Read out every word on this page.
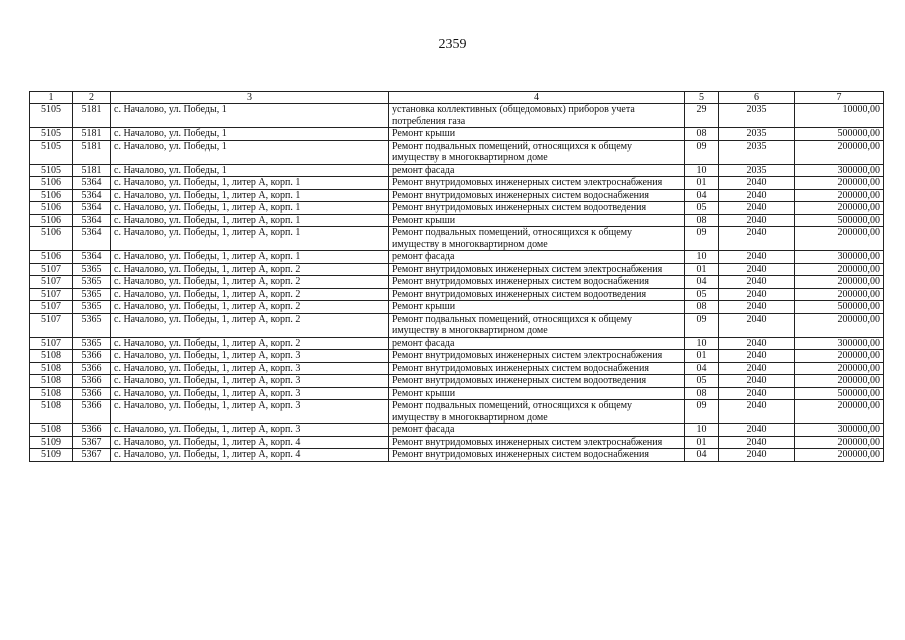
2359
1	2	3	4	5	6	7
5105	5181	с. Началово, ул. Победы, 1	установка коллективных (общедомовых) приборов учета потребления газа	29	2035	10000,00
5105	5181	с. Началово, ул. Победы, 1	Ремонт крыши	08	2035	500000,00
5105	5181	с. Началово, ул. Победы, 1	Ремонт подвальных помещений, относящихся к общему имуществу в многоквартирном доме	09	2035	200000,00
5105	5181	с. Началово, ул. Победы, 1	ремонт фасада	10	2035	300000,00
5106	5364	с. Началово, ул. Победы, 1, литер А, корп. 1	Ремонт внутридомовых инженерных систем электроснабжения	01	2040	200000,00
5106	5364	с. Началово, ул. Победы, 1, литер А, корп. 1	Ремонт внутридомовых инженерных систем водоснабжения	04	2040	200000,00
5106	5364	с. Началово, ул. Победы, 1, литер А, корп. 1	Ремонт внутридомовых инженерных систем водоотведения	05	2040	200000,00
5106	5364	с. Началово, ул. Победы, 1, литер А, корп. 1	Ремонт крыши	08	2040	500000,00
5106	5364	с. Началово, ул. Победы, 1, литер А, корп. 1	Ремонт подвальных помещений, относящихся к общему имуществу в многоквартирном доме	09	2040	200000,00
5106	5364	с. Началово, ул. Победы, 1, литер А, корп. 1	ремонт фасада	10	2040	300000,00
5107	5365	с. Началово, ул. Победы, 1, литер А, корп. 2	Ремонт внутридомовых инженерных систем электроснабжения	01	2040	200000,00
5107	5365	с. Началово, ул. Победы, 1, литер А, корп. 2	Ремонт внутридомовых инженерных систем водоснабжения	04	2040	200000,00
5107	5365	с. Началово, ул. Победы, 1, литер А, корп. 2	Ремонт внутридомовых инженерных систем водоотведения	05	2040	200000,00
5107	5365	с. Началово, ул. Победы, 1, литер А, корп. 2	Ремонт крыши	08	2040	500000,00
5107	5365	с. Началово, ул. Победы, 1, литер А, корп. 2	Ремонт подвальных помещений, относящихся к общему имуществу в многоквартирном доме	09	2040	200000,00
5107	5365	с. Началово, ул. Победы, 1, литер А, корп. 2	ремонт фасада	10	2040	300000,00
5108	5366	с. Началово, ул. Победы, 1, литер А, корп. 3	Ремонт внутридомовых инженерных систем электроснабжения	01	2040	200000,00
5108	5366	с. Началово, ул. Победы, 1, литер А, корп. 3	Ремонт внутридомовых инженерных систем водоснабжения	04	2040	200000,00
5108	5366	с. Началово, ул. Победы, 1, литер А, корп. 3	Ремонт внутридомовых инженерных систем водоотведения	05	2040	200000,00
5108	5366	с. Началово, ул. Победы, 1, литер А, корп. 3	Ремонт крыши	08	2040	500000,00
5108	5366	с. Началово, ул. Победы, 1, литер А, корп. 3	Ремонт подвальных помещений, относящихся к общему имуществу в многоквартирном доме	09	2040	200000,00
5108	5366	с. Началово, ул. Победы, 1, литер А, корп. 3	ремонт фасада	10	2040	300000,00
5109	5367	с. Началово, ул. Победы, 1, литер А, корп. 4	Ремонт внутридомовых инженерных систем электроснабжения	01	2040	200000,00
5109	5367	с. Началово, ул. Победы, 1, литер А, корп. 4	Ремонт внутридомовых инженерных систем водоснабжения	04	2040	200000,00
